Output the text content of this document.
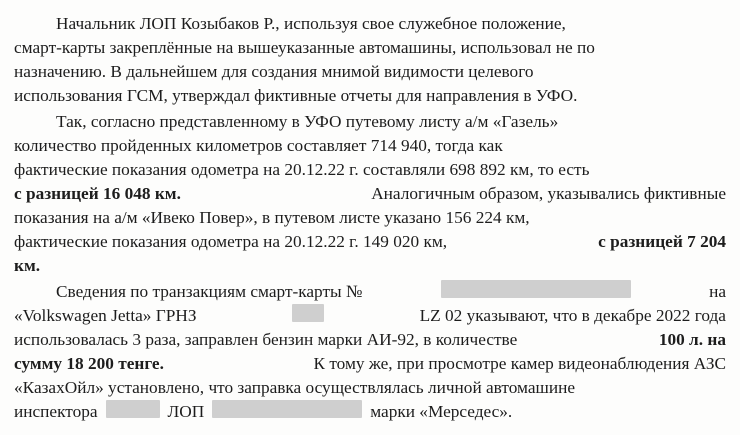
Начальник ЛОП Козыбаков Р., используя свое служебное положение,
смарт-карты закреплённые на вышеуказанные автомашины, использовал не по
назначению. В дальнейшем для создания мнимой видимости целевого
использования ГСМ, утверждал фиктивные отчеты для направления в УФО.
Так, согласно представленному в УФО путевому листу а/м «Газель»
количество пройденных километров составляет 714 940, тогда как
фактические показания одометра на 20.12.22 г. составляли 698 892 км, то есть
с разницей 16 048 км.	Аналогичным образом, указывались фиктивные
показания на а/м «Ивеко Повер», в путевом листе указано 156 224 км,
фактические показания одометра на 20.12.22 г. 149 020 км,	с разницей 7 204
км.
Сведения по транзакциям смарт-карты №	на
«Volkswagen Jetta» ГРНЗ	LZ 02 указывают, что в декабре 2022 года
использовалась 3 раза, заправлен бензин марки АИ-92, в количестве	100 л. на
сумму 18 200 тенге.	К тому же, при просмотре камер видеонаблюдения АЗС
«КазахОйл» установлено, что заправка осуществлялась личной автомашине
инспектора	ЛОП	марки «Мерседес».
